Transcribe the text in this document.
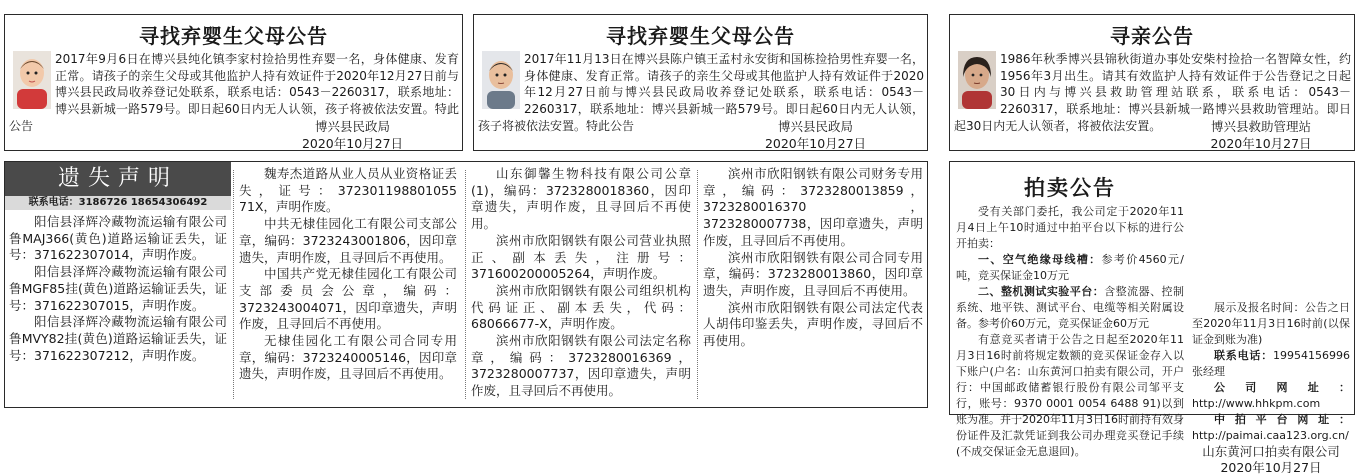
寻找弃婴生父母公告
2017年9月6日在博兴县纯化镇李家村捡拾男性弃婴一名，身体健康、发育正常。请孩子的亲生父母或其他监护人持有效证件于2020年12月27日前与博兴县民政局收养登记处联系，联系电话：0543－2260317，联系地址：博兴县新城一路579号。即日起60日内无人认领，孩子将被依法安置。特此公告	博兴县民政局
2020年10月27日
寻找弃婴生父母公告
2017年11月13日在博兴县陈户镇王孟村永安街和国栋捡拾男性弃婴一名，身体健康、发育正常。请孩子的亲生父母或其他监护人持有效证件于2020年12月27日前与博兴县民政局收养登记处联系，联系电话：0543－2260317，联系地址：博兴县新城一路579号。即日起60日内无人认领，孩子将被依法安置。特此公告	博兴县民政局
2020年10月27日
寻亲公告
1986年秋季博兴县锦秋街道办事处安柴村捡拾一名智障女性，约1956年3月出生。请其有效监护人持有效证件于公告登记之日起30日内与博兴县救助管理站联系，联系电话：0543－2260317，联系地址：博兴县新城一路博兴县救助管理站。即日起30日内无人认领者，将被依法安置。	博兴县救助管理站
2020年10月27日
遗失声明
联系电话：3186726 18654306492

阳信县泽辉冷藏物流运输有限公司鲁MAJ366(黄色)道路运输证丢失，证号：371622307014，声明作废。

阳信县泽辉冷藏物流运输有限公司鲁MGF85挂(黄色)道路运输证丢失，证号：371622307015，声明作废。

阳信县泽辉冷藏物流运输有限公司鲁MVY82挂(黄色)道路运输证丢失，证号：371622307212，声明作废。

魏寿杰道路从业人员从业资格证丢失，证号：372301198801055 71X，声明作废。

中共无棣佳园化工有限公司支部公章，编码：3723243001806，因印章遗失，声明作废，且寻回后不再使用。

中国共产党无棣佳园化工有限公司支部委员会公章，编码：3723243004071，因印章遗失，声明作废，且寻回后不再使用。

无棣佳园化工有限公司合同专用章，编码：3723240005146，因印章遗失，声明作废，且寻回后不再使用。

山东御馨生物科技有限公司公章(1)，编码：3723280018360，因印章遗失，声明作废，且寻回后不再使用。

滨州市欣阳钢铁有限公司营业执照正、副本丢失，注册号：371600200005264，声明作废。

滨州市欣阳钢铁有限公司组织机构代码证正、副本丢失，代码：68066677-X，声明作废。

滨州市欣阳钢铁有限公司法定名称章，编码：3723280016369，3723280007737，因印章遗失，声明作废，且寻回后不再使用。

滨州市欣阳钢铁有限公司财务专用章，编码：3723280013859，3723280016370，3723280007738，因印章遗失，声明作废，且寻回后不再使用。

滨州市欣阳钢铁有限公司合同专用章，编码：3723280013860，因印章遗失，声明作废，且寻回后不再使用。

滨州市欣阳钢铁有限公司法定代表人胡伟印鉴丢失，声明作废，寻回后不再使用。

拍卖公告

受有关部门委托，我公司定于2020年11月4日上午10时通过中拍平台以下标的进行公开拍卖：

一、空气绝缘母线槽：参考价4560元/吨，竞买保证金10万元

二、整机测试实验平台：含整流器、控制系统、地平铁、测试平台、电缆等相关附属设备。参考价60万元，竞买保证金60万元

有意竞买者请于公告之日起至2020年11月3日16时前将规定数额的竞买保证金存入以下账户(户名：山东黄河口拍卖有限公司，开户行：中国邮政储蓄银行股份有限公司邹平支行，账号：9370 0001 0054 6488 91)以到账为准。并于2020年11月3日16时前持有效身份证件及汇款凭证到我公司办理竞买登记手续(不成交保证金无息退回)。

展示及报名时间：公告之日至2020年11月3日16时前(以保证金到账为准)

联系电话：19954156996 张经理

公司网址：http://www.hhkpm.com

中拍平台网址：http://paimai.caa123.org.cn/

山东黄河口拍卖有限公司

2020年10月27日
